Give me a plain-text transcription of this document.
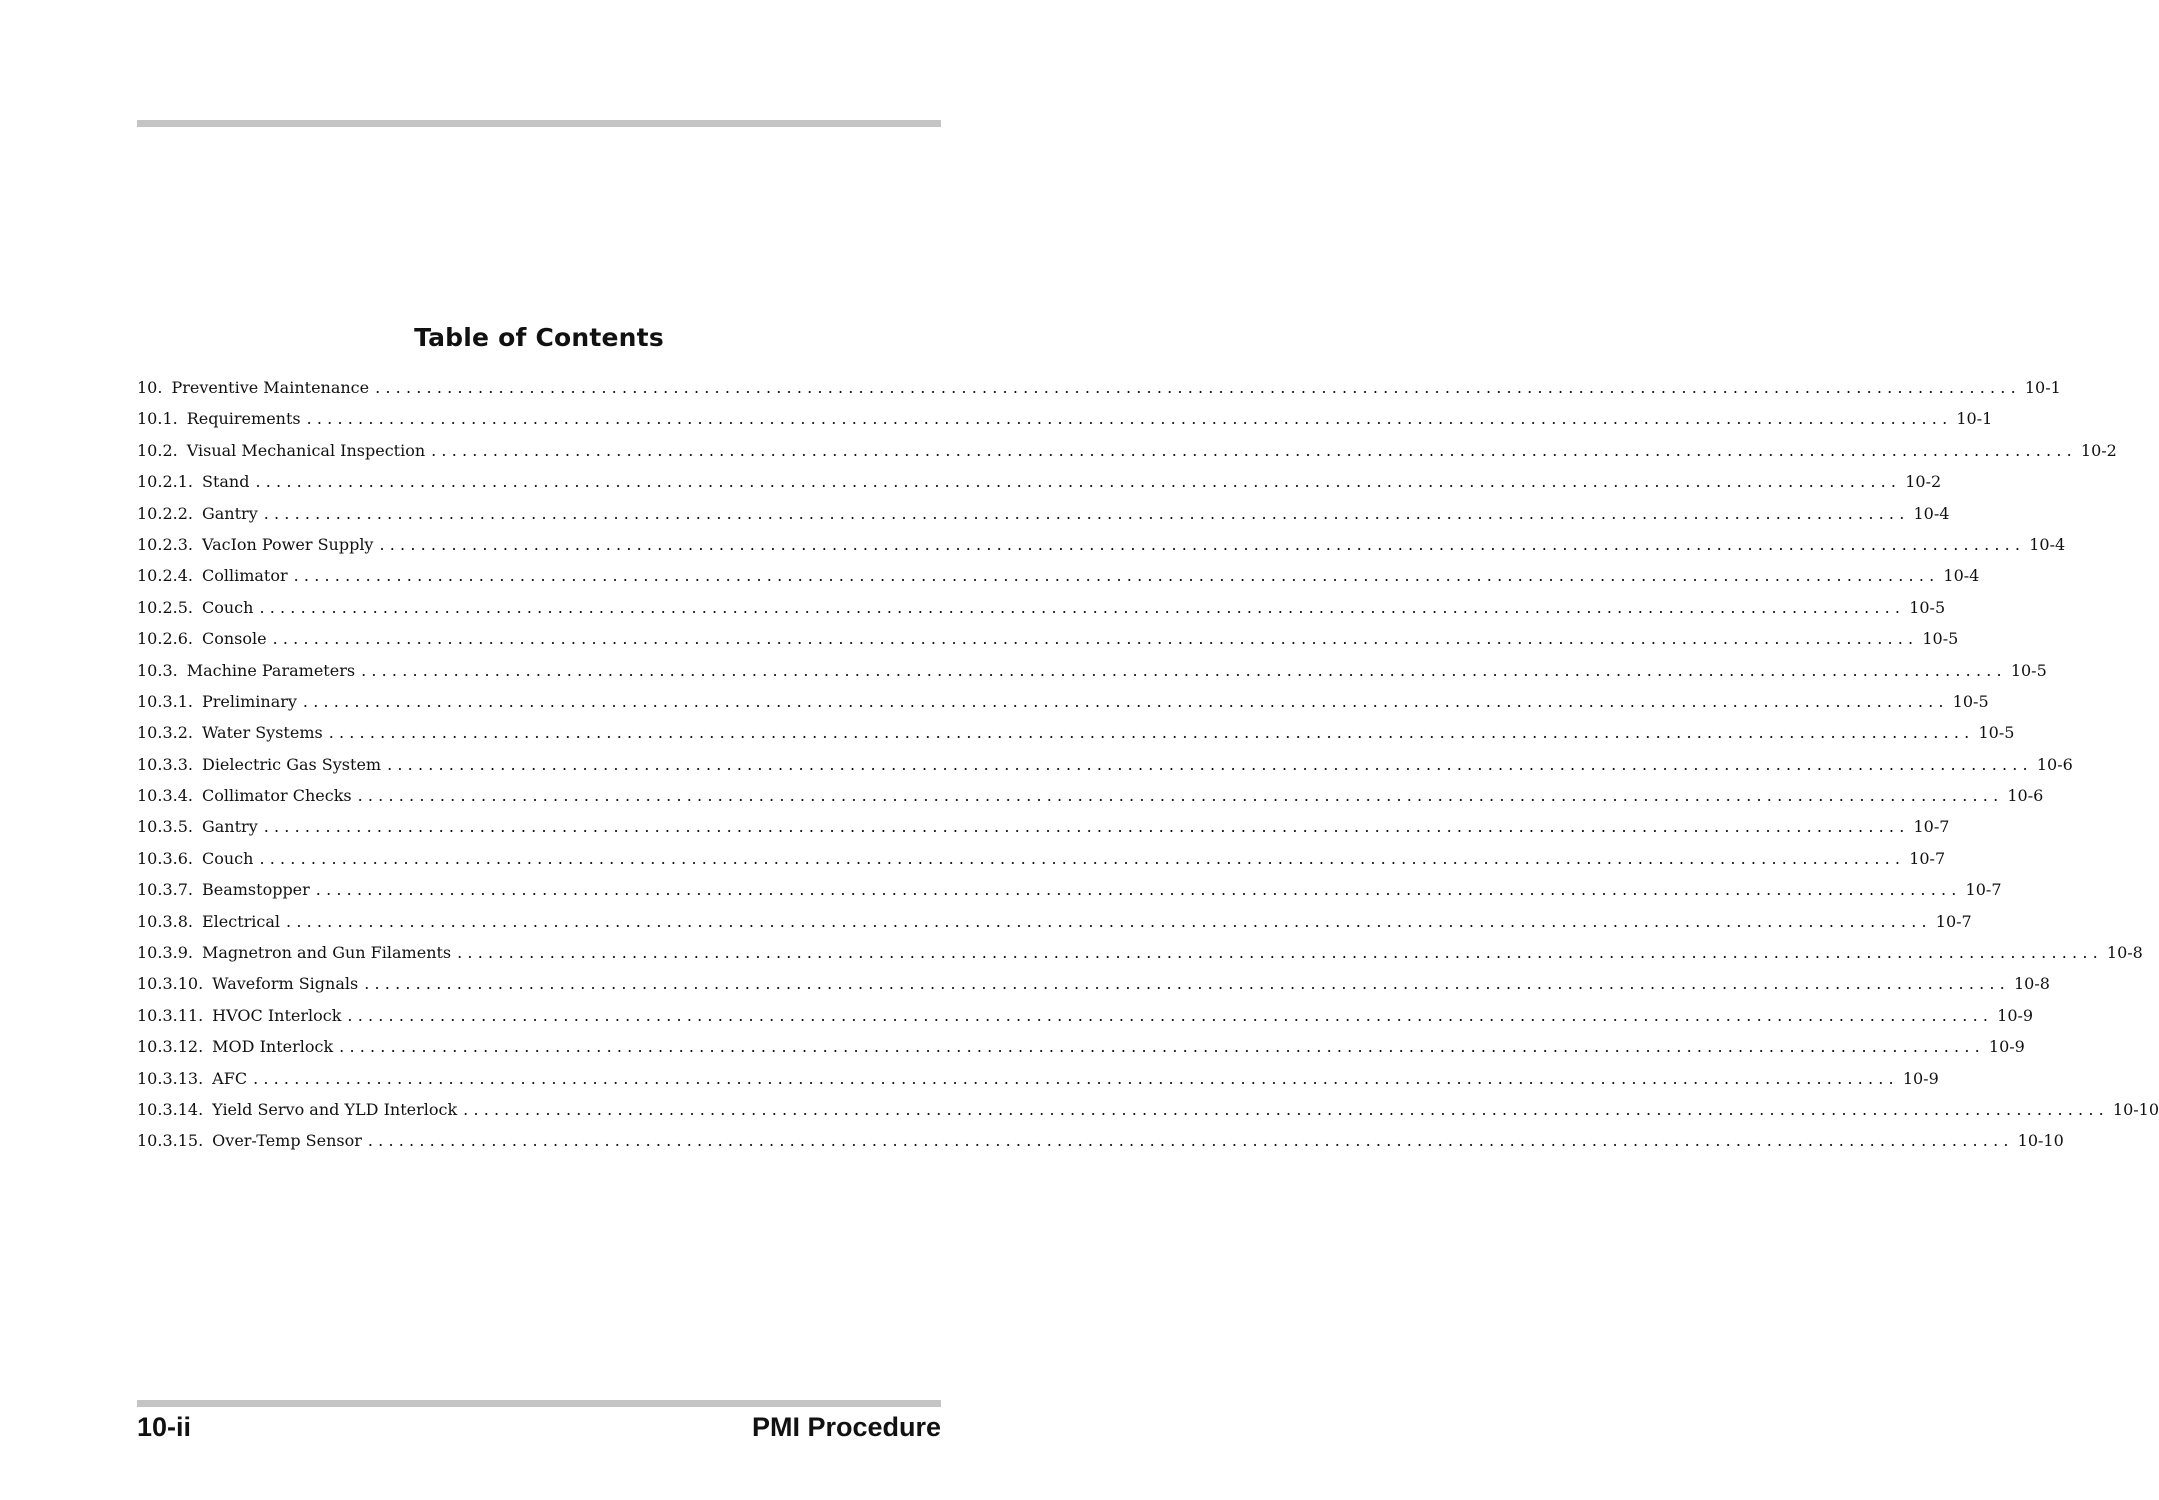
Table of Contents
10. Preventive Maintenance ................................................................................................................................................................ 10-1
10.1. Requirements ................................................................................................................................................................ 10-1
10.2. Visual Mechanical Inspection ................................................................................................................................................................ 10-2
10.2.1. Stand ................................................................................................................................................................ 10-2
10.2.2. Gantry ................................................................................................................................................................ 10-4
10.2.3. VacIon Power Supply ................................................................................................................................................................ 10-4
10.2.4. Collimator ................................................................................................................................................................ 10-4
10.2.5. Couch ................................................................................................................................................................ 10-5
10.2.6. Console ................................................................................................................................................................ 10-5
10.3. Machine Parameters ................................................................................................................................................................ 10-5
10.3.1. Preliminary ................................................................................................................................................................ 10-5
10.3.2. Water Systems ................................................................................................................................................................ 10-5
10.3.3. Dielectric Gas System ................................................................................................................................................................ 10-6
10.3.4. Collimator Checks ................................................................................................................................................................ 10-6
10.3.5. Gantry ................................................................................................................................................................ 10-7
10.3.6. Couch ................................................................................................................................................................ 10-7
10.3.7. Beamstopper ................................................................................................................................................................ 10-7
10.3.8. Electrical ................................................................................................................................................................ 10-7
10.3.9. Magnetron and Gun Filaments ................................................................................................................................................................ 10-8
10.3.10. Waveform Signals ................................................................................................................................................................ 10-8
10.3.11. HVOC Interlock ................................................................................................................................................................ 10-9
10.3.12. MOD Interlock ................................................................................................................................................................ 10-9
10.3.13. AFC ................................................................................................................................................................ 10-9
10.3.14. Yield Servo and YLD Interlock ................................................................................................................................................................ 10-10
10.3.15. Over-Temp Sensor ................................................................................................................................................................ 10-10
10-ii	PMI Procedure
